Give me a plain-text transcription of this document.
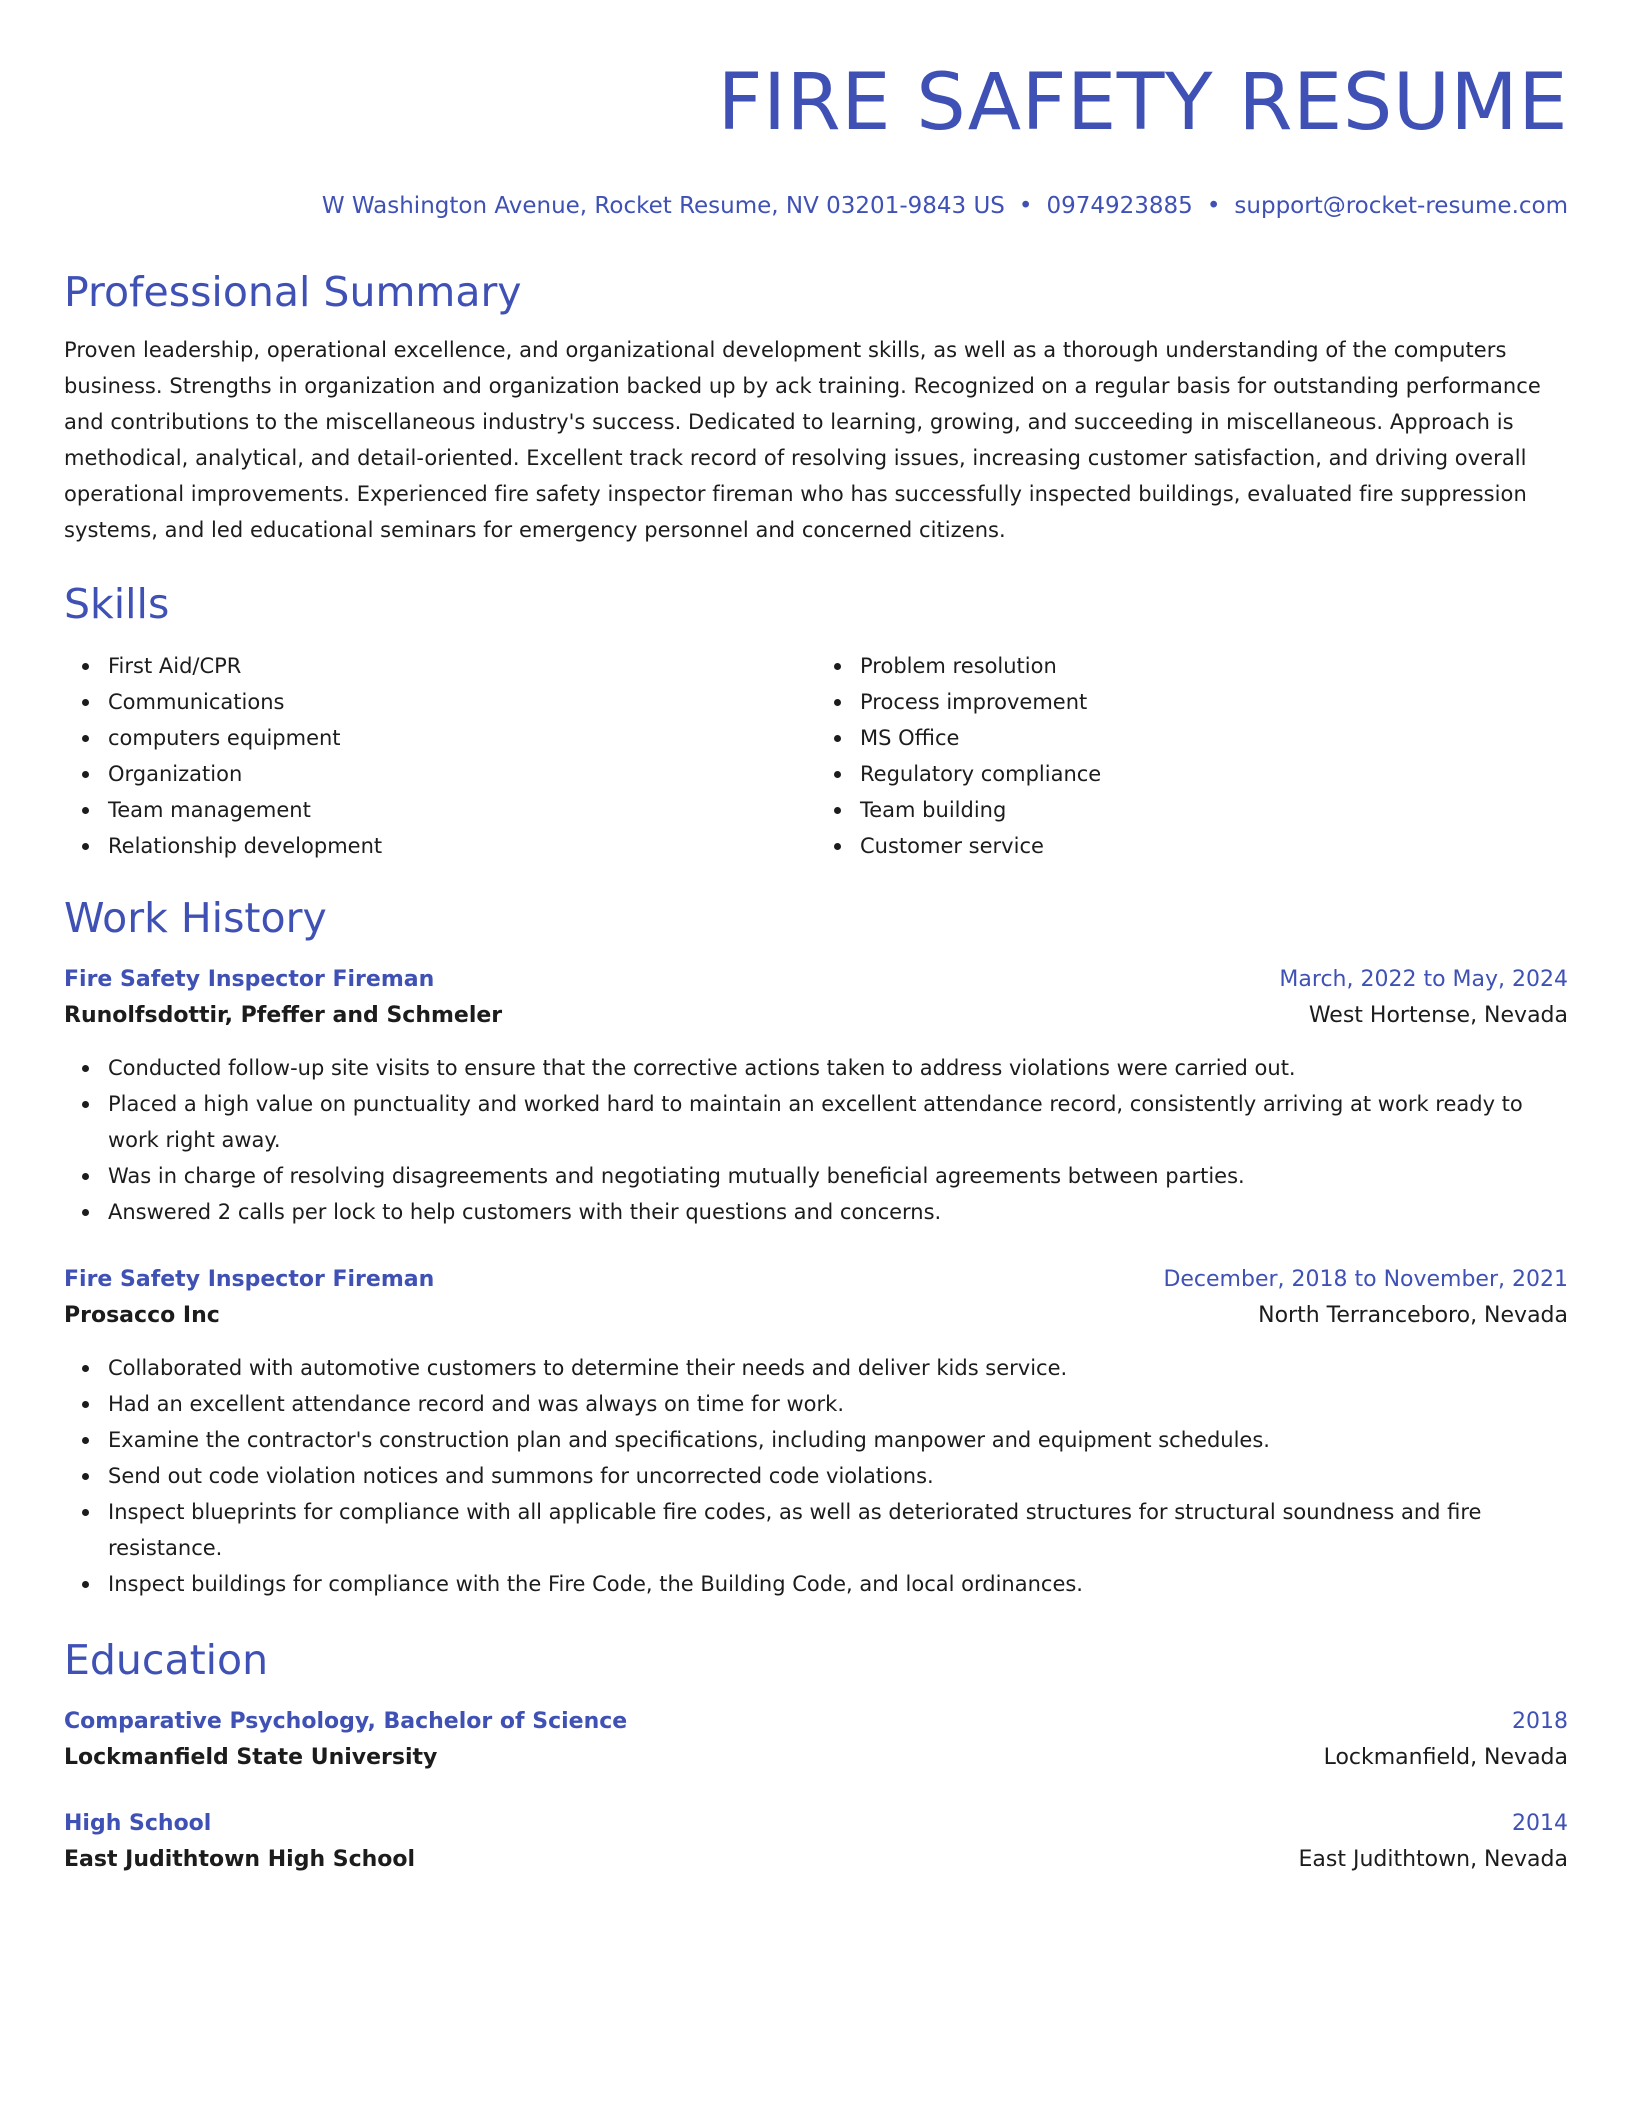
FIRE SAFETY RESUME
W Washington Avenue, Rocket Resume, NV 03201-9843 US • 0974923885 • support@rocket-resume.com
Professional Summary

Proven leadership, operational excellence, and organizational development skills, as well as a thorough understanding of the computers business. Strengths in organization and organization backed up by ack training. Recognized on a regular basis for outstanding performance and contributions to the miscellaneous industry's success. Dedicated to learning, growing, and succeeding in miscellaneous. Approach is methodical, analytical, and detail-oriented. Excellent track record of resolving issues, increasing customer satisfaction, and driving overall operational improvements. Experienced fire safety inspector fireman who has successfully inspected buildings, evaluated fire suppression systems, and led educational seminars for emergency personnel and concerned citizens.

Skills
First Aid/CPR
Communications
computers equipment
Organization
Team management
Relationship development
Problem resolution
Process improvement
MS Office
Regulatory compliance
Team building
Customer service
Work History
Fire Safety Inspector Fireman	March, 2022 to May, 2024
Runolfsdottir, Pfeffer and Schmeler	West Hortense, Nevada
Conducted follow-up site visits to ensure that the corrective actions taken to address violations were carried out.
Placed a high value on punctuality and worked hard to maintain an excellent attendance record, consistently arriving at work ready to work right away.
Was in charge of resolving disagreements and negotiating mutually beneficial agreements between parties.
Answered 2 calls per lock to help customers with their questions and concerns.
Fire Safety Inspector Fireman	December, 2018 to November, 2021
Prosacco Inc	North Terranceboro, Nevada
Collaborated with automotive customers to determine their needs and deliver kids service.
Had an excellent attendance record and was always on time for work.
Examine the contractor's construction plan and specifications, including manpower and equipment schedules.
Send out code violation notices and summons for uncorrected code violations.
Inspect blueprints for compliance with all applicable fire codes, as well as deteriorated structures for structural soundness and fire resistance.
Inspect buildings for compliance with the Fire Code, the Building Code, and local ordinances.
Education
Comparative Psychology, Bachelor of Science	2018
Lockmanfield State University	Lockmanfield, Nevada
High School	2014
East Judithtown High School	East Judithtown, Nevada
